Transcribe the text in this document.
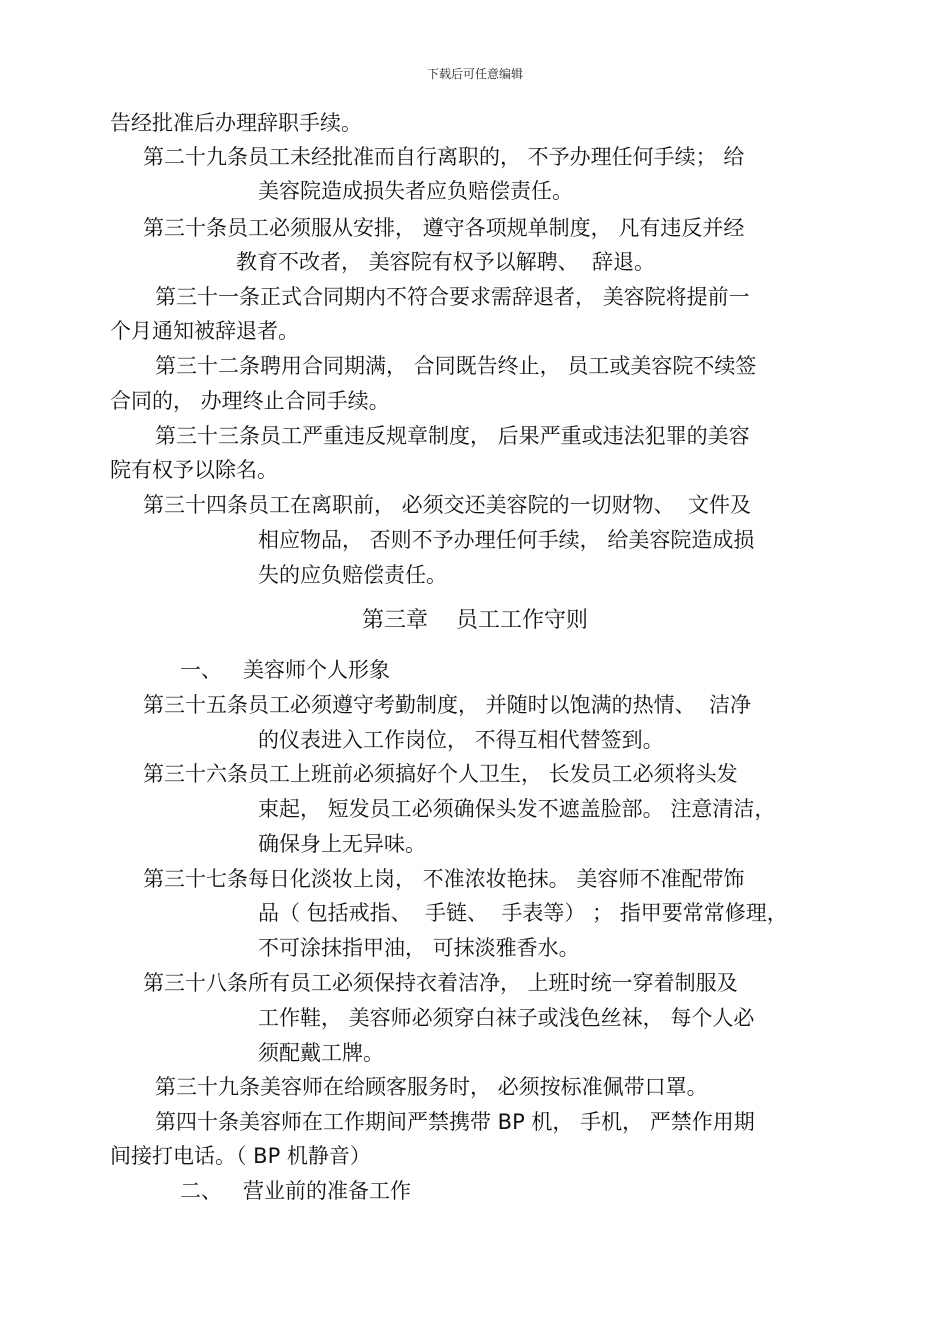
下载后可任意编辑

告经批准后办理辞职手续。

第二十九条员工未经批准而自行离职的， 不予办理任何手续； 给

美容院造成损失者应负赔偿责任。

第三十条员工必须服从安排， 遵守各项规单制度， 凡有违反并经

教育不改者， 美容院有权予以解聘、  辞退。

第三十一条正式合同期内不符合要求需辞退者， 美容院将提前一

个月通知被辞退者。

第三十二条聘用合同期满， 合同既告终止， 员工或美容院不续签

合同的， 办理终止合同手续。

第三十三条员工严重违反规章制度， 后果严重或违法犯罪的美容

院有权予以除名。

第三十四条员工在离职前， 必须交还美容院的一切财物、  文件及

相应物品， 否则不予办理任何手续， 给美容院造成损

失的应负赔偿责任。

第三章    员工工作守则

一、 美容师个人形象

第三十五条员工必须遵守考勤制度， 并随时以饱满的热情、  洁净

的仪表进入工作岗位， 不得互相代替签到。

第三十六条员工上班前必须搞好个人卫生， 长发员工必须将头发

束起， 短发员工必须确保头发不遮盖脸部。 注意清洁，

确保身上无异味。

第三十七条每日化淡妆上岗， 不准浓妆艳抹。 美容师不准配带饰

品（ 包括戒指、  手链、  手表等） ； 指甲要常常修理，

不可涂抹指甲油， 可抹淡雅香水。

第三十八条所有员工必须保持衣着洁净， 上班时统一穿着制服及

工作鞋， 美容师必须穿白袜子或浅色丝袜， 每个人必

须配戴工牌。

第三十九条美容师在给顾客服务时， 必须按标准佩带口罩。

第四十条美容师在工作期间严禁携带 BP 机， 手机， 严禁作用期

间接打电话。（ BP 机静音）

二、 营业前的准备工作
